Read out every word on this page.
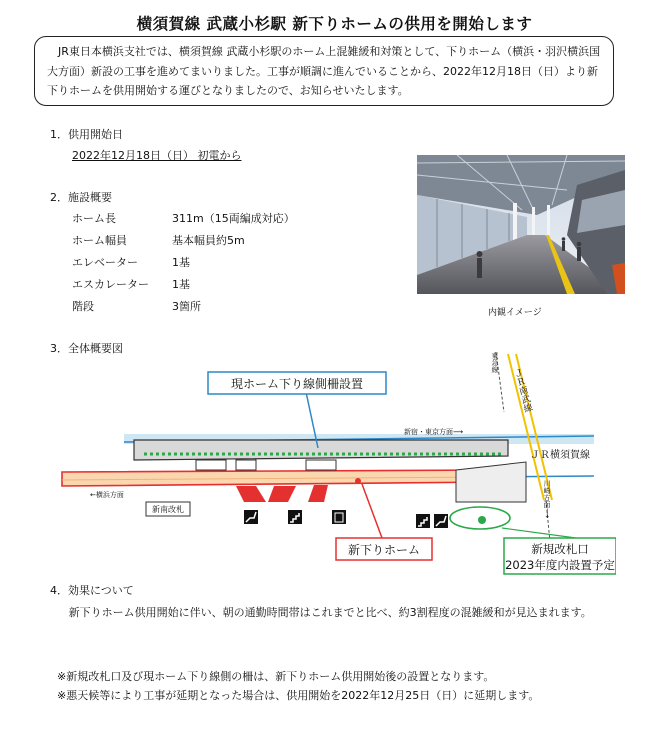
横須賀線 武蔵小杉駅 新下りホームの供用を開始します
JR東日本横浜支社では、横須賀線 武蔵小杉駅のホーム上混雑緩和対策として、下りホーム（横浜・羽沢横浜国大方面）新設の工事を進めてまいりました。工事が順調に進んでいることから、2022年12月18日（日）より新下りホームを供用開始する運びとなりましたので、お知らせいたします。
1．供用開始日
2022年12月18日（日） 初電から
2．施設概要
ホーム長	311m（15両編成対応）
ホーム幅員	基本幅員約5m
エレベーター	1基
エスカレーター 1基
階段	3箇所	内観イメージ
3．全体概要図
現ホーム下り線側柵設置
新下りホーム	新規改札口
2023年度内設置予定
ＪＲ横須賀線
ＪＲ南武線
東急線
新宿・東京方面⟶
←横浜方面
新南改札	川崎方面⟶
4．効果について
新下りホーム供用開始に伴い、朝の通勤時間帯はこれまでと比べ、約3割程度の混雑緩和が見込まれます。
※新規改札口及び現ホーム下り線側の柵は、新下りホーム供用開始後の設置となります。
※悪天候等により工事が延期となった場合は、供用開始を2022年12月25日（日）に延期します。
